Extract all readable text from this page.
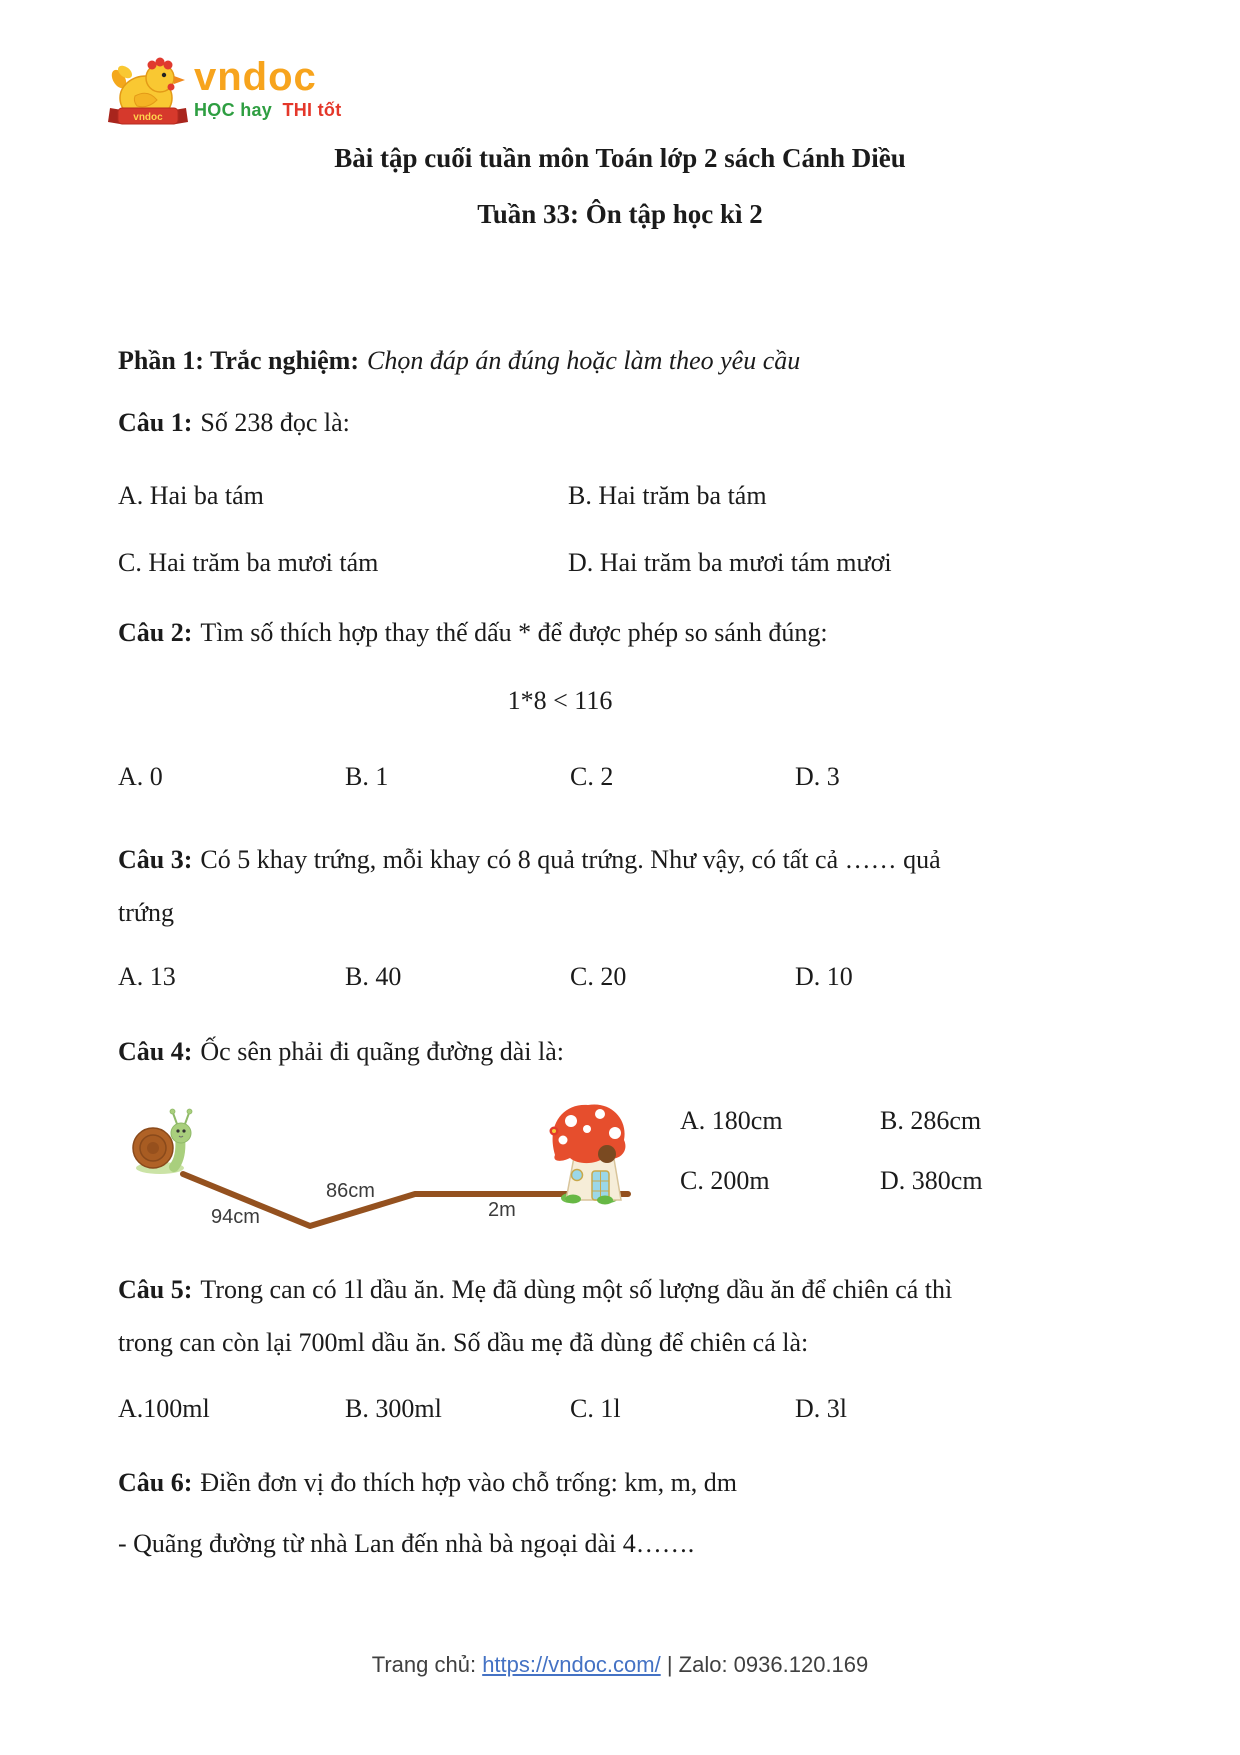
vndoc
vndoc
HỌC hay THI tốt

Bài tập cuối tuần môn Toán lớp 2 sách Cánh Diều

Tuần 33: Ôn tập học kì 2

Phần 1: Trắc nghiệm: Chọn đáp án đúng hoặc làm theo yêu cầu

Câu 1: Số 238 đọc là:

A. Hai ba tám	B. Hai trăm ba tám
C. Hai trăm ba mươi tám	D. Hai trăm ba mươi tám mươi

Câu 2: Tìm số thích hợp thay thế dấu * để được phép so sánh đúng:

1*8 < 116

A. 0	B. 1	C. 2	D. 3

Câu 3: Có 5 khay trứng, mỗi khay có 8 quả trứng. Như vậy, có tất cả …… quả
trứng

A. 13	B. 40	C. 20	D. 10

Câu 4: Ốc sên phải đi quãng đường dài là:

94cm
86cm
2m
A. 180cm	B. 286cm
C. 200m	D. 380cm

Câu 5: Trong can có 1l dầu ăn. Mẹ đã dùng một số lượng dầu ăn để chiên cá thì
trong can còn lại 700ml dầu ăn. Số dầu mẹ đã dùng để chiên cá là:

A.100ml	B. 300ml	C. 1l	D. 3l

Câu 6: Điền đơn vị đo thích hợp vào chỗ trống: km, m, dm

- Quãng đường từ nhà Lan đến nhà bà ngoại dài 4…….

Trang chủ: https://vndoc.com/ | Zalo: 0936.120.169
